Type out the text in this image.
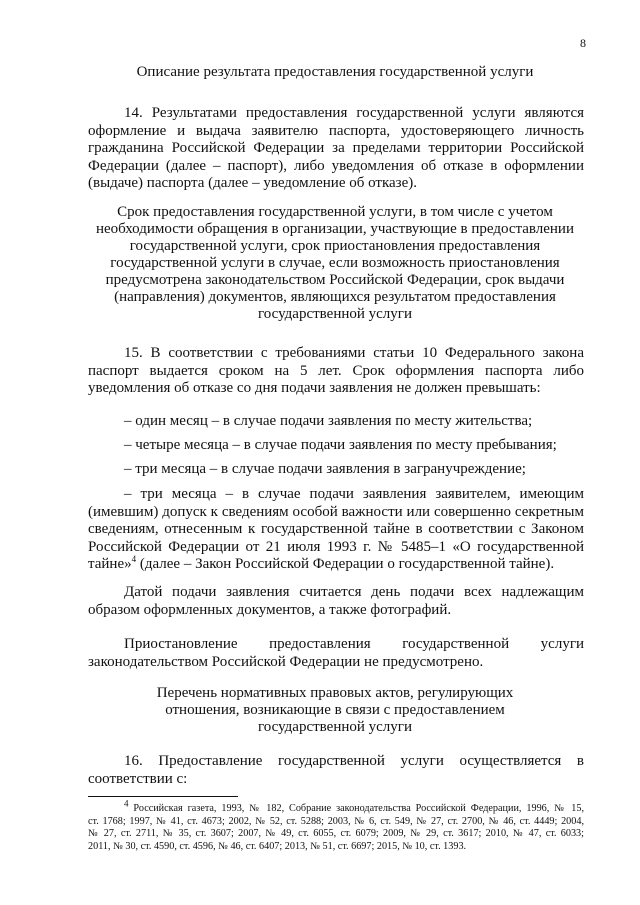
8
Описание результата предоставления государственной услуги
14. Результатами предоставления государственной услуги являются
оформление и выдача заявителю паспорта, удостоверяющего личность
гражданина Российской Федерации за пределами территории Российской
Федерации (далее – паспорт), либо уведомления об отказе в оформлении
(выдаче) паспорта (далее – уведомление об отказе).
Срок предоставления государственной услуги, в том числе с учетом
необходимости обращения в организации, участвующие в предоставлении
государственной услуги, срок приостановления предоставления
государственной услуги в случае, если возможность приостановления
предусмотрена законодательством Российской Федерации, срок выдачи
(направления) документов, являющихся результатом предоставления
государственной услуги
15. В соответствии с требованиями статьи 10 Федерального закона
паспорт выдается сроком на 5 лет. Срок оформления паспорта либо
уведомления об отказе со дня подачи заявления не должен превышать:
– один месяц – в случае подачи заявления по месту жительства;
– четыре месяца – в случае подачи заявления по месту пребывания;
– три месяца – в случае подачи заявления в загранучреждение;
– три месяца – в случае подачи заявления заявителем, имеющим
(имевшим) допуск к сведениям особой важности или совершенно секретным
сведениям, отнесенным к государственной тайне в соответствии с Законом
Российской Федерации от 21 июля 1993 г. № 5485–1 «О государственной
тайне»$^4$ (далее – Закон Российской Федерации о государственной тайне).
Датой подачи заявления считается день подачи всех надлежащим
образом оформленных документов, а также фотографий.
Приостановление предоставления государственной услуги
законодательством Российской Федерации не предусмотрено.
Перечень нормативных правовых актов, регулирующих
отношения, возникающие в связи с предоставлением
государственной услуги
16. Предоставление государственной услуги осуществляется в
соответствии с:
$^4$ Российская газета, 1993, № 182, Собрание законодательства Российской Федерации, 1996, № 15,
ст. 1768; 1997, № 41, ст. 4673; 2002, № 52, ст. 5288; 2003, № 6, ст. 549, № 27, ст. 2700, № 46, ст. 4449; 2004,
№ 27, ст. 2711, № 35, ст. 3607; 2007, № 49, ст. 6055, ст. 6079; 2009, № 29, ст. 3617; 2010, № 47, ст. 6033;
2011, № 30, ст. 4590, ст. 4596, № 46, ст. 6407; 2013, № 51, ст. 6697; 2015, № 10, ст. 1393.
